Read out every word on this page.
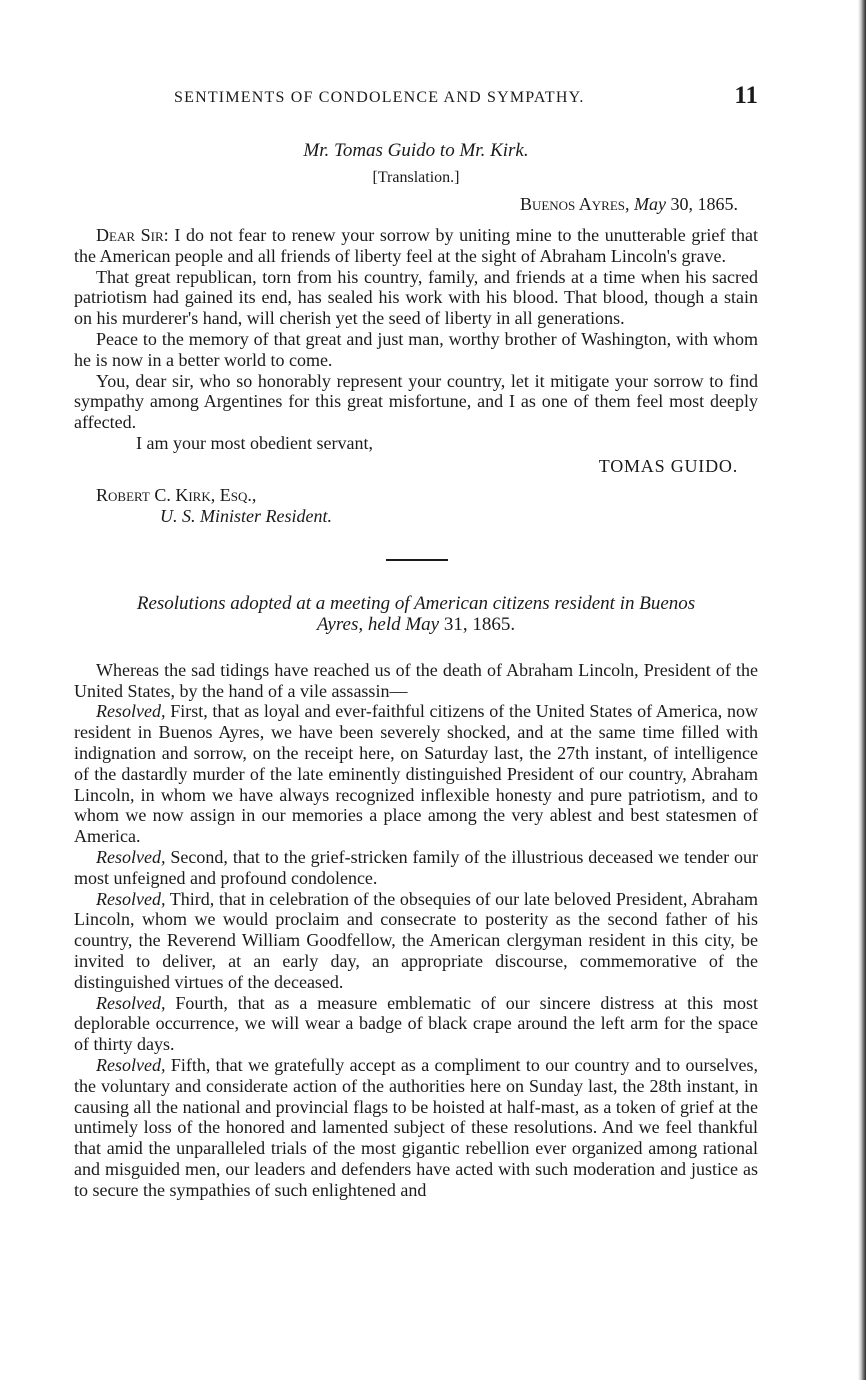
SENTIMENTS OF CONDOLENCE AND SYMPATHY.	11
Mr. Tomas Guido to Mr. Kirk.
[Translation.]
Buenos Ayres, May 30, 1865.

Dear Sir: I do not fear to renew your sorrow by uniting mine to the unutterable grief that the American people and all friends of liberty feel at the sight of Abraham Lincoln's grave.

That great republican, torn from his country, family, and friends at a time when his sacred patriotism had gained its end, has sealed his work with his blood. That blood, though a stain on his murderer's hand, will cherish yet the seed of liberty in all generations.

Peace to the memory of that great and just man, worthy brother of Washington, with whom he is now in a better world to come.

You, dear sir, who so honorably represent your country, let it mitigate your sorrow to find sympathy among Argentines for this great misfortune, and I as one of them feel most deeply affected.

I am your most obedient servant,
TOMAS GUIDO.
Robert C. Kirk, Esq.,
U. S. Minister Resident.
Resolutions adopted at a meeting of American citizens resident in Buenos
Ayres, held May 31, 1865.

Whereas the sad tidings have reached us of the death of Abraham Lincoln, President of the United States, by the hand of a vile assassin—

Resolved, First, that as loyal and ever-faithful citizens of the United States of America, now resident in Buenos Ayres, we have been severely shocked, and at the same time filled with indignation and sorrow, on the receipt here, on Saturday last, the 27th instant, of intelligence of the dastardly murder of the late eminently distinguished President of our country, Abraham Lincoln, in whom we have always recognized inflexible honesty and pure patriotism, and to whom we now assign in our memories a place among the very ablest and best statesmen of America.

Resolved, Second, that to the grief-stricken family of the illustrious deceased we tender our most unfeigned and profound condolence.

Resolved, Third, that in celebration of the obsequies of our late beloved President, Abraham Lincoln, whom we would proclaim and consecrate to posterity as the second father of his country, the Reverend William Goodfellow, the American clergyman resident in this city, be invited to deliver, at an early day, an appropriate discourse, commemorative of the distinguished virtues of the deceased.

Resolved, Fourth, that as a measure emblematic of our sincere distress at this most deplorable occurrence, we will wear a badge of black crape around the left arm for the space of thirty days.

Resolved, Fifth, that we gratefully accept as a compliment to our country and to ourselves, the voluntary and considerate action of the authorities here on Sunday last, the 28th instant, in causing all the national and provincial flags to be hoisted at half-mast, as a token of grief at the untimely loss of the honored and lamented subject of these resolutions. And we feel thankful that amid the unparalleled trials of the most gigantic rebellion ever organized among rational and misguided men, our leaders and defenders have acted with such moderation and justice as to secure the sympathies of such enlightened and
